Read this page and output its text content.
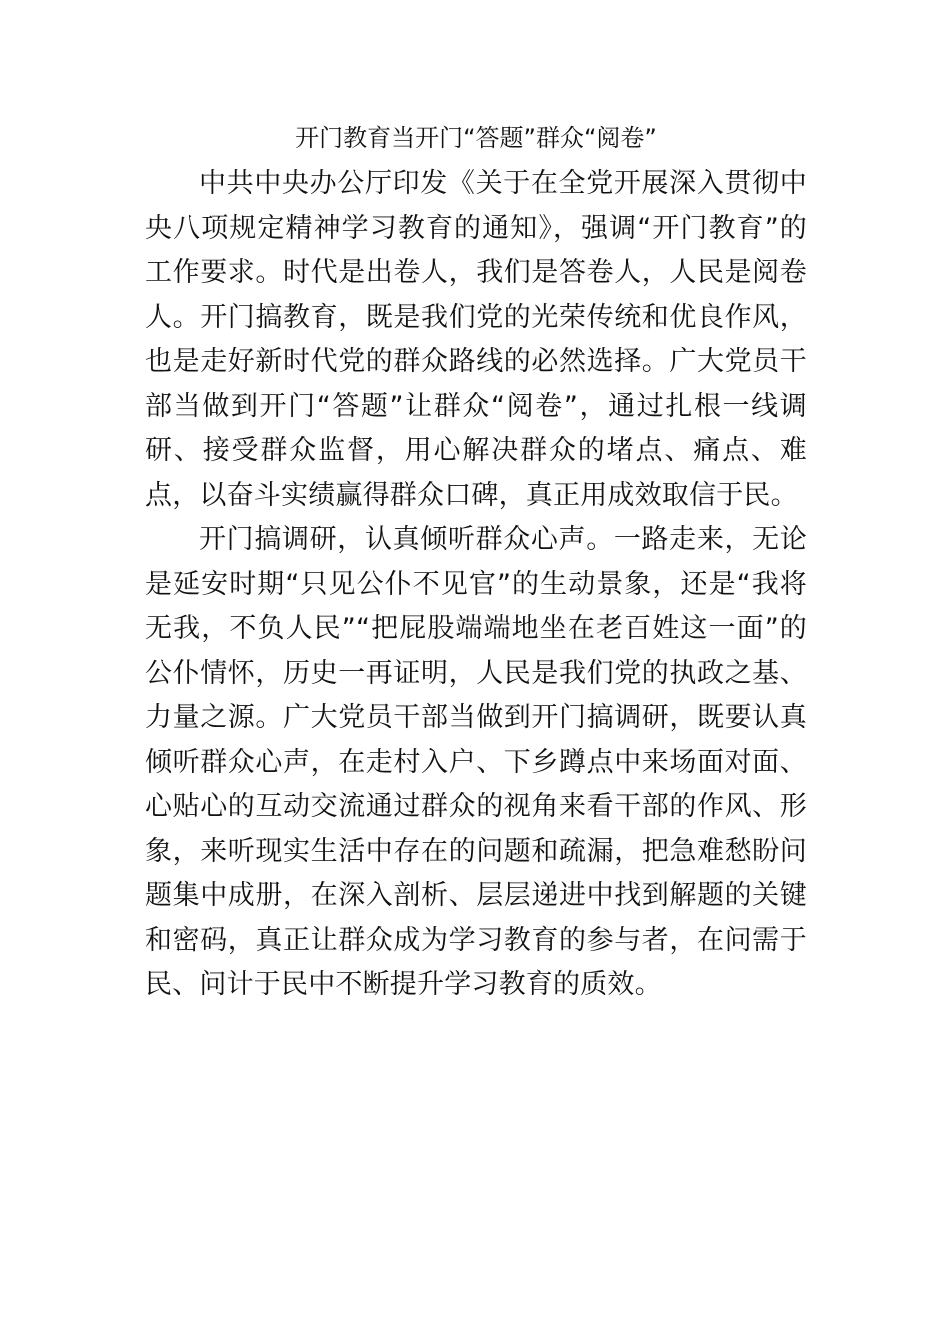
开门教育当开门“答题”群众“阅卷”

中共中央办公厅印发《关于在全党开展深入贯彻中央八项规定精神学习教育的通知》，强调“开门教育”的工作要求。时代是出卷人，我们是答卷人，人民是阅卷人。开门搞教育，既是我们党的光荣传统和优良作风，也是走好新时代党的群众路线的必然选择。广大党员干部当做到开门“答题”让群众“阅卷”，通过扎根一线调研、接受群众监督，用心解决群众的堵点、痛点、难点，以奋斗实绩赢得群众口碑，真正用成效取信于民。

开门搞调研，认真倾听群众心声。一路走来，无论是延安时期“只见公仆不见官”的生动景象，还是“我将无我，不负人民”“把屁股端端地坐在老百姓这一面”的公仆情怀，历史一再证明，人民是我们党的执政之基、力量之源。广大党员干部当做到开门搞调研，既要认真倾听群众心声，在走村入户、下乡蹲点中来场面对面、心贴心的互动交流通过群众的视角来看干部的作风、形象，来听现实生活中存在的问题和疏漏，把急难愁盼问题集中成册，在深入剖析、层层递进中找到解题的关键和密码，真正让群众成为学习教育的参与者，在问需于民、问计于民中不断提升学习教育的质效。
